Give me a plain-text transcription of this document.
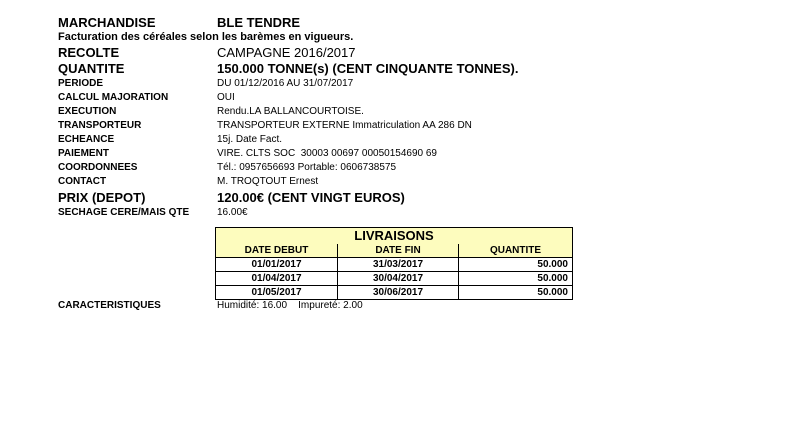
MARCHANDISE	BLE TENDRE
Facturation des céréales selon les barèmes en vigueurs.
RECOLTE	CAMPAGNE 2016/2017
QUANTITE	150.000 TONNE(s) (CENT CINQUANTE TONNES).
PERIODE	DU 01/12/2016 AU 31/07/2017
CALCUL MAJORATION	OUI
EXECUTION	Rendu.LA BALLANCOURTOISE.
TRANSPORTEUR	TRANSPORTEUR EXTERNE Immatriculation AA 286 DN
ECHEANCE	15j. Date Fact.
PAIEMENT	VIRE. CLTS SOC  30003 00697 00050154690 69
COORDONNEES	Tél.: 0957656693 Portable: 0606738575
CONTACT	M. TROQTOUT Ernest
PRIX (DEPOT)	120.00€ (CENT VINGT EUROS)
SECHAGE CERE/MAIS QTE	16.00€
LIVRAISONS		
DATE DEBUT	DATE FIN	QUANTITE
01/01/2017	31/03/2017	50.000
01/04/2017	30/04/2017	50.000
01/05/2017	30/06/2017	50.000
CARACTERISTIQUES	Humidité: 16.00    Impureté: 2.00
